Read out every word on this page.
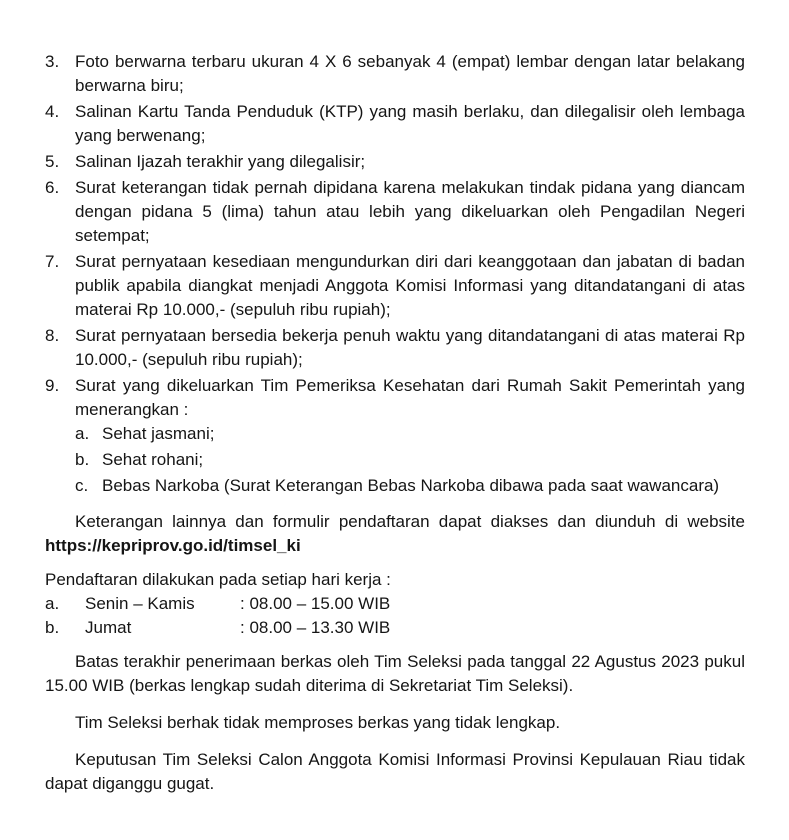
3. Foto berwarna terbaru ukuran 4 X 6 sebanyak 4 (empat) lembar dengan latar belakang berwarna biru;
4. Salinan Kartu Tanda Penduduk (KTP) yang masih berlaku, dan dilegalisir oleh lembaga yang berwenang;
5. Salinan Ijazah terakhir yang dilegalisir;
6. Surat keterangan tidak pernah dipidana karena melakukan tindak pidana yang diancam dengan pidana 5 (lima) tahun atau lebih yang dikeluarkan oleh Pengadilan Negeri setempat;
7. Surat pernyataan kesediaan mengundurkan diri dari keanggotaan dan jabatan di badan publik apabila diangkat menjadi Anggota Komisi Informasi yang ditandatangani di atas materai Rp 10.000,- (sepuluh ribu rupiah);
8. Surat pernyataan bersedia bekerja penuh waktu yang ditandatangani di atas materai Rp 10.000,- (sepuluh ribu rupiah);
9. Surat yang dikeluarkan Tim Pemeriksa Kesehatan dari Rumah Sakit Pemerintah yang menerangkan :
a. Sehat jasmani;
b. Sehat rohani;
c. Bebas Narkoba (Surat Keterangan Bebas Narkoba dibawa pada saat wawancara)

Keterangan lainnya dan formulir pendaftaran dapat diakses dan diunduh di website https://kepriprov.go.id/timsel_ki

Pendaftaran dilakukan pada setiap hari kerja :
a.	Senin – Kamis	: 08.00 – 15.00 WIB
b.	Jumat	: 08.00 – 13.30 WIB

Batas terakhir penerimaan berkas oleh Tim Seleksi pada tanggal 22 Agustus 2023 pukul 15.00 WIB (berkas lengkap sudah diterima di Sekretariat Tim Seleksi).

Tim Seleksi berhak tidak memproses berkas yang tidak lengkap.

Keputusan Tim Seleksi Calon Anggota Komisi Informasi Provinsi Kepulauan Riau tidak dapat diganggu gugat.
